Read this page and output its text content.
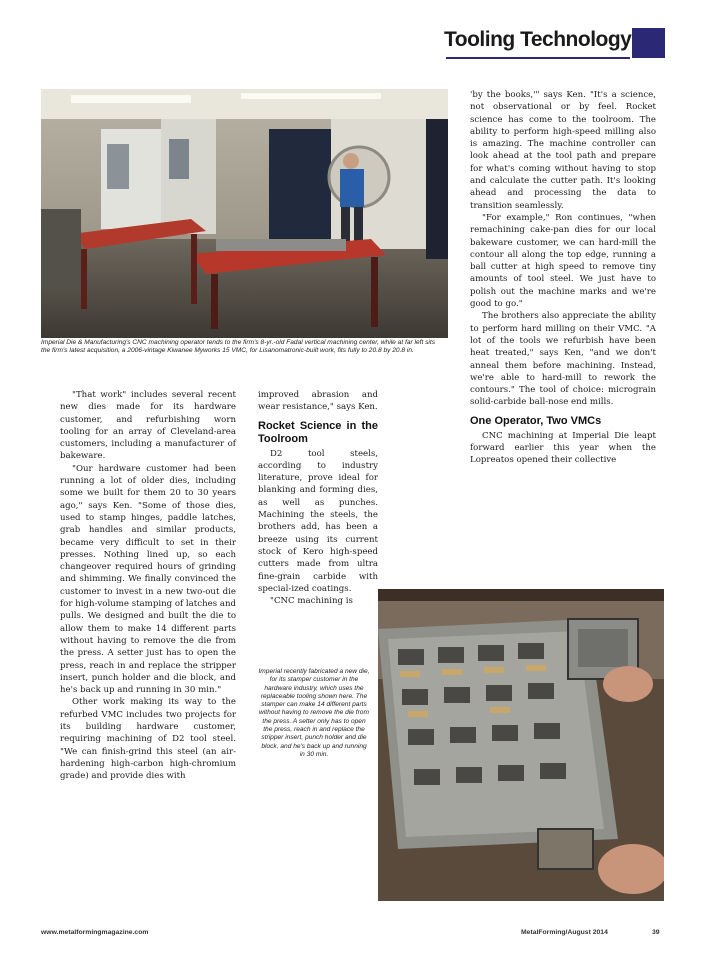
Tooling Technology
Imperial Die & Manufacturing's CNC machining operator tends to the firm's 8-yr.-old Fadal vertical machining center, while at far left sits the firm's latest acquisition, a 2006-vintage Kiwanee Myworks 15 VMC, for Lisanomatronic-built work, fits fully to 20.8 by 20.8 in.

"That work" includes several recent new dies made for its hardware customer, and refurbishing worn tooling for an array of Cleveland-area customers, including a manufacturer of bakeware.

"Our hardware customer had been running a lot of older dies, including some we built for them 20 to 30 years ago," says Ken. "Some of those dies, used to stamp hinges, paddle latches, grab handles and similar products, became very difficult to set in their presses. Nothing lined up, so each changeover required hours of grinding and shimming. We finally convinced the customer to invest in a new two-out die for high-volume stamping of latches and pulls. We designed and built the die to allow them to make 14 different parts without having to remove the die from the press. A setter just has to open the press, reach in and replace the stripper insert, punch holder and die block, and he's back up and running in 30 min."

Other work making its way to the refurbed VMC includes two projects for its building hardware customer, requiring machining of D2 tool steel. "We can finish-grind this steel (an air-hardening high-carbon high-chromium grade) and provide dies with

improved abrasion and wear resistance," says Ken.

Rocket Science in the Toolroom

D2 tool steels, according to industry literature, prove ideal for blanking and forming dies, as well as punches. Machining the steels, the brothers add, has been a breeze using its current stock of Kero high-speed cutters made from ultra fine-grain carbide with special-ized coatings.

"CNC machining is

'by the books,'" says Ken. "It's a science, not observational or by feel. Rocket science has come to the toolroom. The ability to perform high-speed milling also is amazing. The machine controller can look ahead at the tool path and prepare for what's coming without having to stop and calculate the cutter path. It's looking ahead and processing the data to transition seamlessly.

"For example," Ron continues, "when remachining cake-pan dies for our local bakeware customer, we can hard-mill the contour all along the top edge, running a ball cutter at high speed to remove tiny amounts of tool steel. We just have to polish out the machine marks and we're good to go."

The brothers also appreciate the ability to perform hard milling on their VMC. "A lot of the tools we refurbish have been heat treated," says Ken, "and we don't anneal them before machining. Instead, we're able to hard-mill to rework the contours." The tool of choice: micrograin solid-carbide ball-nose end mills.

One Operator, Two VMCs

CNC machining at Imperial Die leapt forward earlier this year when the Lopreatos opened their collective

Imperial recently fabricated a new die, for its stamper customer in the hardware industry, which uses the replaceable tooling shown here. The stamper can make 14 different parts without having to remove the die from the press. A setter only has to open the press, reach in and replace the stripper insert, punch holder and die block, and he's back up and running in 30 min.
www.metalformingmagazine.com	MetalForming/August 2014	39
